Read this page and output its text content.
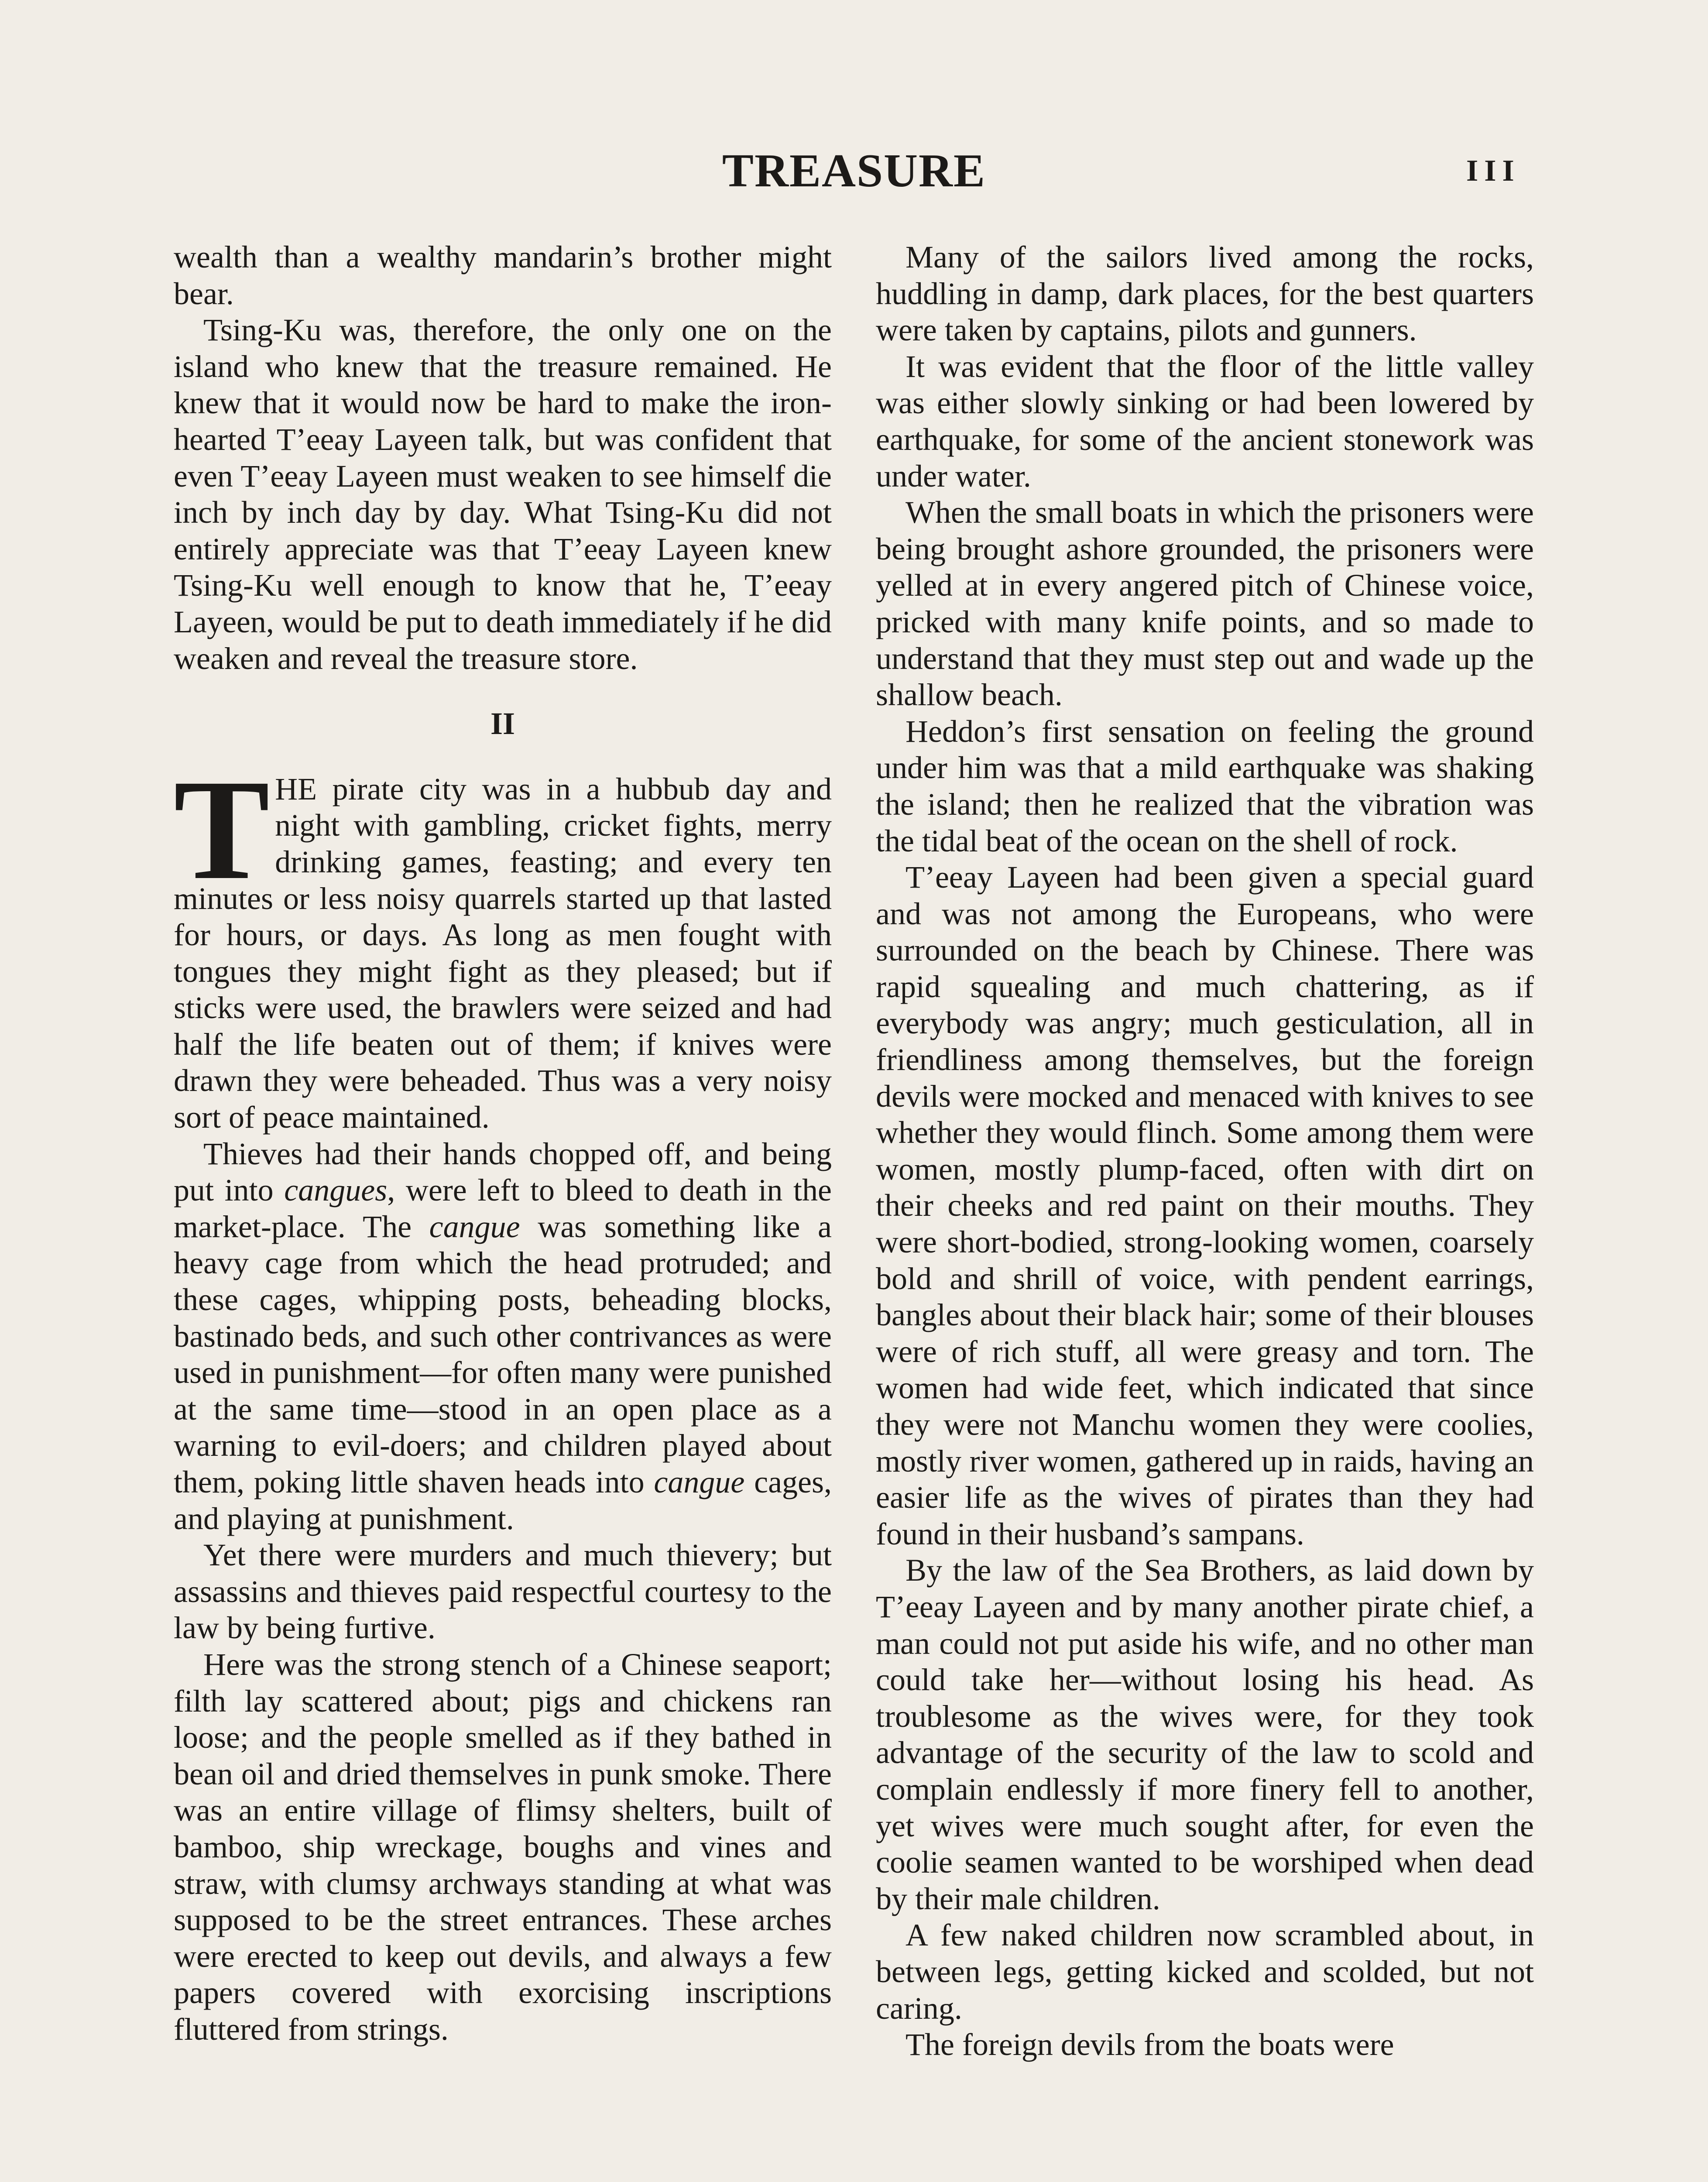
TREASURE	III

wealth than a wealthy mandarin’s brother might bear.

Tsing-Ku was, therefore, the only one on the island who knew that the treasure remained. He knew that it would now be hard to make the iron-hearted T’eeay Layeen talk, but was confident that even T’eeay Layeen must weaken to see himself die inch by inch day by day. What Tsing-Ku did not entirely appreciate was that T’eeay Layeen knew Tsing-Ku well enough to know that he, T’eeay Layeen, would be put to death immediately if he did weaken and reveal the treasure store.

II

THE pirate city was in a hubbub day and night with gambling, cricket fights, merry drinking games, feasting; and every ten minutes or less noisy quarrels started up that lasted for hours, or days. As long as men fought with tongues they might fight as they pleased; but if sticks were used, the brawlers were seized and had half the life beaten out of them; if knives were drawn they were beheaded. Thus was a very noisy sort of peace maintained.

Thieves had their hands chopped off, and being put into cangues, were left to bleed to death in the market-place. The cangue was something like a heavy cage from which the head protruded; and these cages, whipping posts, beheading blocks, bastinado beds, and such other contrivances as were used in punishment—for often many were punished at the same time—stood in an open place as a warning to evil-doers; and children played about them, poking little shaven heads into cangue cages, and playing at punishment.

Yet there were murders and much thievery; but assassins and thieves paid respectful courtesy to the law by being furtive.

Here was the strong stench of a Chinese seaport; filth lay scattered about; pigs and chickens ran loose; and the people smelled as if they bathed in bean oil and dried themselves in punk smoke. There was an entire village of flimsy shelters, built of bamboo, ship wreckage, boughs and vines and straw, with clumsy archways standing at what was supposed to be the street entrances. These arches were erected to keep out devils, and always a few papers covered with exorcising inscriptions fluttered from strings.

Many of the sailors lived among the rocks, huddling in damp, dark places, for the best quarters were taken by captains, pilots and gunners.

It was evident that the floor of the little valley was either slowly sinking or had been lowered by earthquake, for some of the ancient stonework was under water.

When the small boats in which the prisoners were being brought ashore grounded, the prisoners were yelled at in every angered pitch of Chinese voice, pricked with many knife points, and so made to understand that they must step out and wade up the shallow beach.

Heddon’s first sensation on feeling the ground under him was that a mild earthquake was shaking the island; then he realized that the vibration was the tidal beat of the ocean on the shell of rock.

T’eeay Layeen had been given a special guard and was not among the Europeans, who were surrounded on the beach by Chinese. There was rapid squealing and much chattering, as if everybody was angry; much gesticulation, all in friendliness among themselves, but the foreign devils were mocked and menaced with knives to see whether they would flinch. Some among them were women, mostly plump-faced, often with dirt on their cheeks and red paint on their mouths. They were short-bodied, strong-looking women, coarsely bold and shrill of voice, with pendent earrings, bangles about their black hair; some of their blouses were of rich stuff, all were greasy and torn. The women had wide feet, which indicated that since they were not Manchu women they were coolies, mostly river women, gathered up in raids, having an easier life as the wives of pirates than they had found in their husband’s sampans.

By the law of the Sea Brothers, as laid down by T’eeay Layeen and by many another pirate chief, a man could not put aside his wife, and no other man could take her—without losing his head. As troublesome as the wives were, for they took advantage of the security of the law to scold and complain endlessly if more finery fell to another, yet wives were much sought after, for even the coolie seamen wanted to be worshiped when dead by their male children.

A few naked children now scrambled about, in between legs, getting kicked and scolded, but not caring.

The foreign devils from the boats were
